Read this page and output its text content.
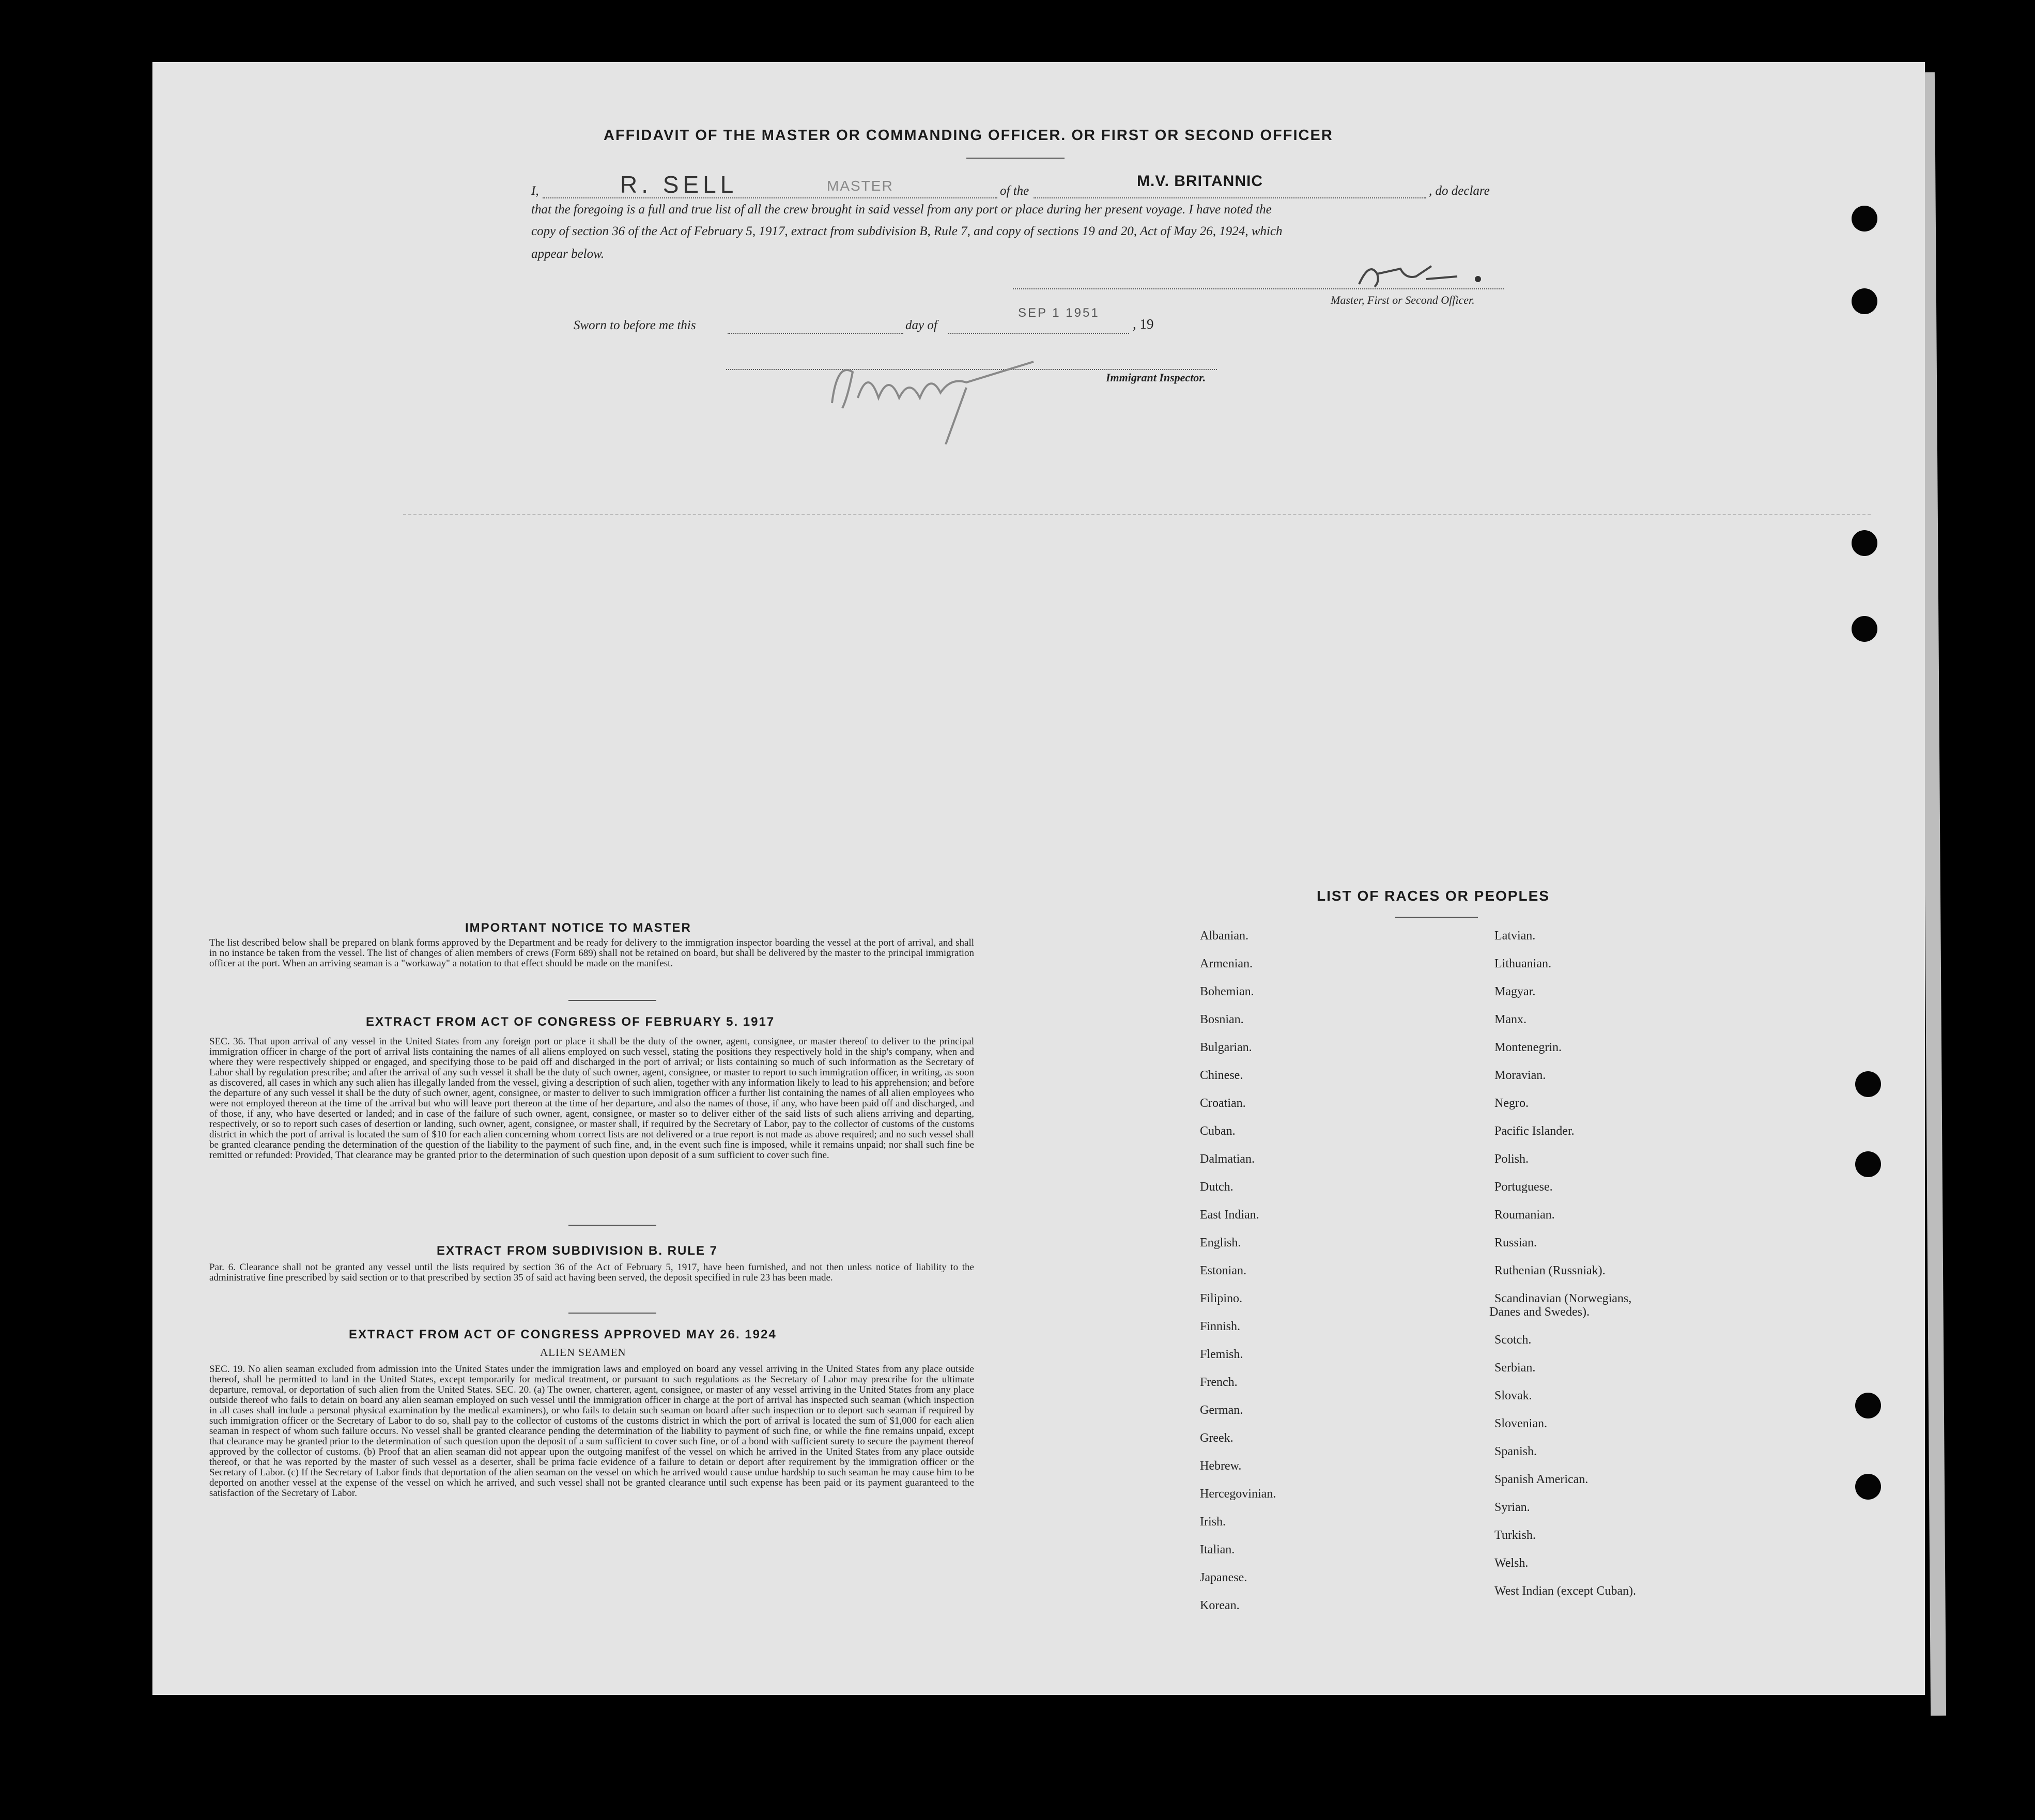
AFFIDAVIT OF THE MASTER OR COMMANDING OFFICER. OR FIRST OR SECOND OFFICER
I,	R. SELL	MASTER	of the
M.V. BRITANNIC
, do declare
that the foregoing is a full and true list of all the crew brought in said vessel from any port or place during her present voyage. I have noted the
copy of section 36 of the Act of February 5, 1917, extract from subdivision B, Rule 7, and copy of sections 19 and 20, Act of May 26, 1924, which
appear below.
Master, First or Second Officer.
Sworn to before me this	day of
SEP 1 1951
, 19
Immigrant Inspector.
IMPORTANT NOTICE TO MASTER
The list described below shall be prepared on blank forms approved by the Department and be ready for delivery to the immigration inspector boarding the vessel at the port of arrival, and shall in no instance be taken from the vessel. The list of changes of alien members of crews (Form 689) shall not be retained on board, but shall be delivered by the master to the principal immigration officer at the port. When an arriving seaman is a "workaway" a notation to that effect should be made on the manifest.
EXTRACT FROM ACT OF CONGRESS OF FEBRUARY 5. 1917
SEC. 36. That upon arrival of any vessel in the United States from any foreign port or place it shall be the duty of the owner, agent, consignee, or master thereof to deliver to the principal immigration officer in charge of the port of arrival lists containing the names of all aliens employed on such vessel, stating the positions they respectively hold in the ship's company, when and where they were respectively shipped or engaged, and specifying those to be paid off and discharged in the port of arrival; or lists containing so much of such information as the Secretary of Labor shall by regulation prescribe; and after the arrival of any such vessel it shall be the duty of such owner, agent, consignee, or master to report to such immigration officer, in writing, as soon as discovered, all cases in which any such alien has illegally landed from the vessel, giving a description of such alien, together with any information likely to lead to his apprehension; and before the departure of any such vessel it shall be the duty of such owner, agent, consignee, or master to deliver to such immigration officer a further list containing the names of all alien employees who were not employed thereon at the time of the arrival but who will leave port thereon at the time of her departure, and also the names of those, if any, who have been paid off and discharged, and of those, if any, who have deserted or landed; and in case of the failure of such owner, agent, consignee, or master so to deliver either of the said lists of such aliens arriving and departing, respectively, or so to report such cases of desertion or landing, such owner, agent, consignee, or master shall, if required by the Secretary of Labor, pay to the collector of customs of the customs district in which the port of arrival is located the sum of $10 for each alien concerning whom correct lists are not delivered or a true report is not made as above required; and no such vessel shall be granted clearance pending the determination of the question of the liability to the payment of such fine, and, in the event such fine is imposed, while it remains unpaid; nor shall such fine be remitted or refunded: Provided, That clearance may be granted prior to the determination of such question upon deposit of a sum sufficient to cover such fine.
EXTRACT FROM SUBDIVISION B. RULE 7
Par. 6. Clearance shall not be granted any vessel until the lists required by section 36 of the Act of February 5, 1917, have been furnished, and not then unless notice of liability to the administrative fine prescribed by said section or to that prescribed by section 35 of said act having been served, the deposit specified in rule 23 has been made.
EXTRACT FROM ACT OF CONGRESS APPROVED MAY 26. 1924
ALIEN SEAMEN
SEC. 19. No alien seaman excluded from admission into the United States under the immigration laws and employed on board any vessel arriving in the United States from any place outside thereof, shall be permitted to land in the United States, except temporarily for medical treatment, or pursuant to such regulations as the Secretary of Labor may prescribe for the ultimate departure, removal, or deportation of such alien from the United States. SEC. 20. (a) The owner, charterer, agent, consignee, or master of any vessel arriving in the United States from any place outside thereof who fails to detain on board any alien seaman employed on such vessel until the immigration officer in charge at the port of arrival has inspected such seaman (which inspection in all cases shall include a personal physical examination by the medical examiners), or who fails to detain such seaman on board after such inspection or to deport such seaman if required by such immigration officer or the Secretary of Labor to do so, shall pay to the collector of customs of the customs district in which the port of arrival is located the sum of $1,000 for each alien seaman in respect of whom such failure occurs. No vessel shall be granted clearance pending the determination of the liability to payment of such fine, or while the fine remains unpaid, except that clearance may be granted prior to the determination of such question upon the deposit of a sum sufficient to cover such fine, or of a bond with sufficient surety to secure the payment thereof approved by the collector of customs. (b) Proof that an alien seaman did not appear upon the outgoing manifest of the vessel on which he arrived in the United States from any place outside thereof, or that he was reported by the master of such vessel as a deserter, shall be prima facie evidence of a failure to detain or deport after requirement by the immigration officer or the Secretary of Labor. (c) If the Secretary of Labor finds that deportation of the alien seaman on the vessel on which he arrived would cause undue hardship to such seaman he may cause him to be deported on another vessel at the expense of the vessel on which he arrived, and such vessel shall not be granted clearance until such expense has been paid or its payment guaranteed to the satisfaction of the Secretary of Labor.
LIST OF RACES OR PEOPLES
Albanian.
Armenian.
Bohemian.
Bosnian.
Bulgarian.
Chinese.
Croatian.
Cuban.
Dalmatian.
Dutch.
East Indian.
English.
Estonian.
Filipino.
Finnish.
Flemish.
French.
German.
Greek.
Hebrew.
Hercegovinian.
Irish.
Italian.
Japanese.
Korean.
Latvian.
Lithuanian.
Magyar.
Manx.
Montenegrin.
Moravian.
Negro.
Pacific Islander.
Polish.
Portuguese.
Roumanian.
Russian.
Ruthenian (Russniak).
Scandinavian (Norwegians,
Danes and Swedes).
Scotch.
Serbian.
Slovak.
Slovenian.
Spanish.
Spanish American.
Syrian.
Turkish.
Welsh.
West Indian (except Cuban).
